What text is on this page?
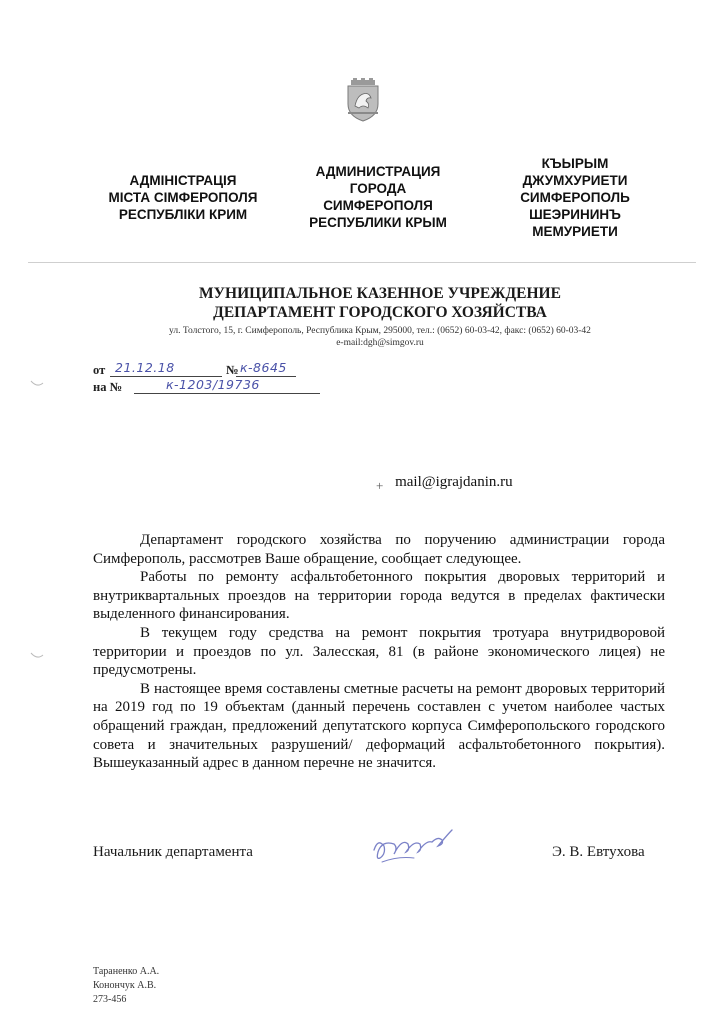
АДМІНІСТРАЦІЯ
МІСТА СІМФЕРОПОЛЯ
РЕСПУБЛІКИ КРИМ
АДМИНИСТРАЦИЯ
ГОРОДА
СИМФЕРОПОЛЯ
РЕСПУБЛИКИ КРЫМ
КЪЫРЫМ
ДЖУМХУРИЕТИ
СИМФЕРОПОЛЬ
ШЕЭРИНИНЪ
МЕМУРИЕТИ
МУНИЦИПАЛЬНОЕ КАЗЕННОЕ УЧРЕЖДЕНИЕ
ДЕПАРТАМЕНТ ГОРОДСКОГО ХОЗЯЙСТВА
ул. Толстого, 15, г. Симферополь, Республика Крым, 295000, тел.: (0652) 60-03-42, факс: (0652) 60-03-42
e-mail:dgh@simgov.ru
от 21.12.18	№ к-8645
на №	к-1203/19736
+ mail@igrajdanin.ru

Департамент городского хозяйства по поручению администрации города Симферополь, рассмотрев Ваше обращение, сообщает следующее.

Работы по ремонту асфальтобетонного покрытия дворовых территорий и внутриквартальных проездов на территории города ведутся в пределах фактически выделенного финансирования.

В текущем году средства на ремонт покрытия тротуара внутридворовой территории и проездов по ул. Залесская, 81 (в районе экономического лицея) не предусмотрены.

В настоящее время составлены сметные расчеты на ремонт дворовых территорий на 2019 год по 19 объектам (данный перечень составлен с учетом наиболее частых обращений граждан, предложений депутатского корпуса Симферопольского городского совета и значительных разрушений/ деформаций асфальтобетонного покрытия). Вышеуказанный адрес в данном перечне не значится.

Начальник департамента	Э. В. Евтухова
Тараненко А.А.
Конончук А.В.
273-456
